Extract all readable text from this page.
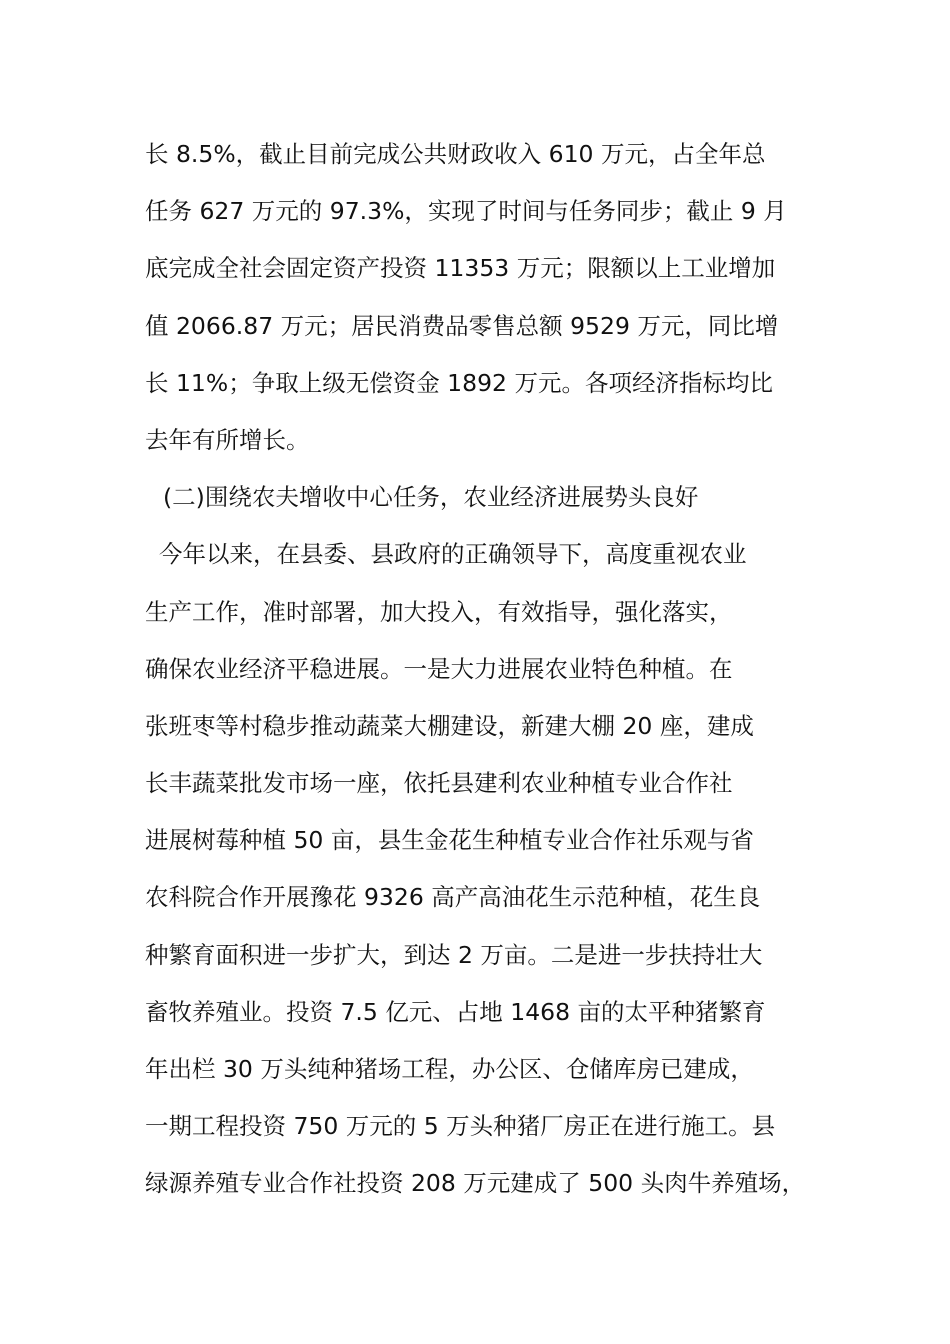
长 8.5%，截止目前完成公共财政收入 610 万元，占全年总
任务 627 万元的 97.3%，实现了时间与任务同步；截止 9 月
底完成全社会固定资产投资 11353 万元；限额以上工业增加
值 2066.87 万元；居民消费品零售总额 9529 万元，同比增
长 11%；争取上级无偿资金 1892 万元。各项经济指标均比
去年有所增长。
(二)围绕农夫增收中心任务，农业经济进展势头良好
今年以来，在县委、县政府的正确领导下，高度重视农业
生产工作，准时部署，加大投入，有效指导，强化落实，
确保农业经济平稳进展。一是大力进展农业特色种植。在
张班枣等村稳步推动蔬菜大棚建设，新建大棚 20 座，建成
长丰蔬菜批发市场一座，依托县建利农业种植专业合作社
进展树莓种植 50 亩，县生金花生种植专业合作社乐观与省
农科院合作开展豫花 9326 高产高油花生示范种植，花生良
种繁育面积进一步扩大，到达 2 万亩。二是进一步扶持壮大
畜牧养殖业。投资 7.5 亿元、占地 1468 亩的太平种猪繁育
年出栏 30 万头纯种猪场工程，办公区、仓储库房已建成，
一期工程投资 750 万元的 5 万头种猪厂房正在进行施工。县
绿源养殖专业合作社投资 208 万元建成了 500 头肉牛养殖场，
